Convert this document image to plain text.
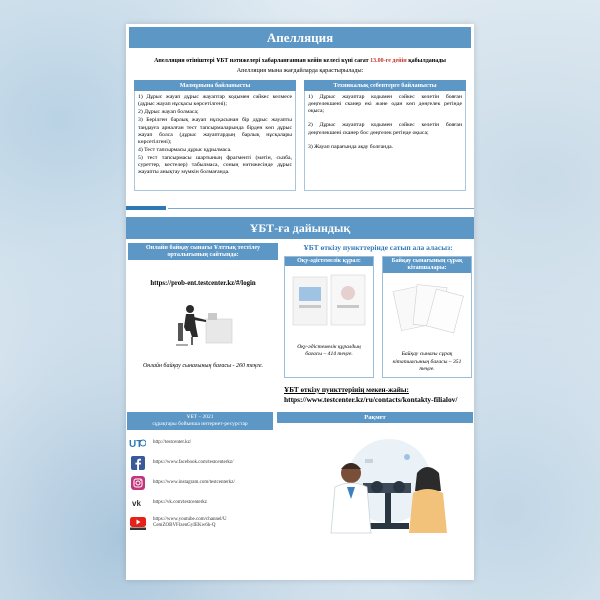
Апелляция
Апелляция өтініштері ҰБТ нәтижелері хабарланғаннан кейін келесі күні сағат 13.00-ге дейін қабылданады
Апелляция мына жағдайларда қарастырылады:
Мазмұнына байланысты

1) Дұрыс жауап дұрыс жауаптар кодымен сәйкес келмесе (дұрыс жауап нұсқасы көрсетілгені);

2) Дұрыс жауап болмаса;

3) Берілген барлық жауап нұсқасынан бір дұрыс жауапты таңдауға арналған тест тапсырмаларында бірден көп дұрыс жауап болса (дұрыс жауаптардың барлық нұсқалары көрсетілгені);

4) Тест тапсырмасы дұрыс құрылмаса.

5) тест тапсырмасы шартының фрагменті (мәтін, сызба, суреттер, кестелер) табылмаса, соның нәтижесінде дұрыс жауапты анықтау мүмкін болмағанда.

Техникалық себептерге байланысты

1) Дұрыс жауаптар кодымен сәйкес келетін бояған дөңгелекшені сканер екі және одан көп дөңгелек ретінде оқыса;

2) Дұрыс жауаптар кодымен сәйкес келетін бояған дөңгелекшені сканер бос дөңгелек ретінде оқыса;

3) Жауап парағында ақау болғанда.

ҰБТ-ға дайындық
Онлайн байқау сынағы Ұлттық тестілеу орталығының сайтында:
https://prob-ent.testcenter.kz/#/login
Онлайн байқау сынағының бағасы - 260 теңге.
ҰБТ өткізу пункттерінде сатып ала аласыз:
Оқу-әдістемелік құрал:
Оқу-әдістемелік құралдың бағасы – 414 теңге.
Байқау сынағының сұрақ кітапшалары:
Байқау сынағы сұрақ кітапшасының бағасы – 351 теңге.
ҰБТ өткізу пункттерінің мекен-жайы:
https://www.testcenter.kz/ru/contacts/kontakty-filialov/
ҰБТ – 2021
сұрақтары бойынша интернет-ресурстар
UT http://testcenter.kz/
https://www.facebook.com/testcenterkz/
https://www.instagram.com/testcenterkz/
vk	https://vk.com/testcenterkz
https://www.youtube.com/channel/U
CemZOBVFlzenGyIEKw6h-Q
Рақмет
